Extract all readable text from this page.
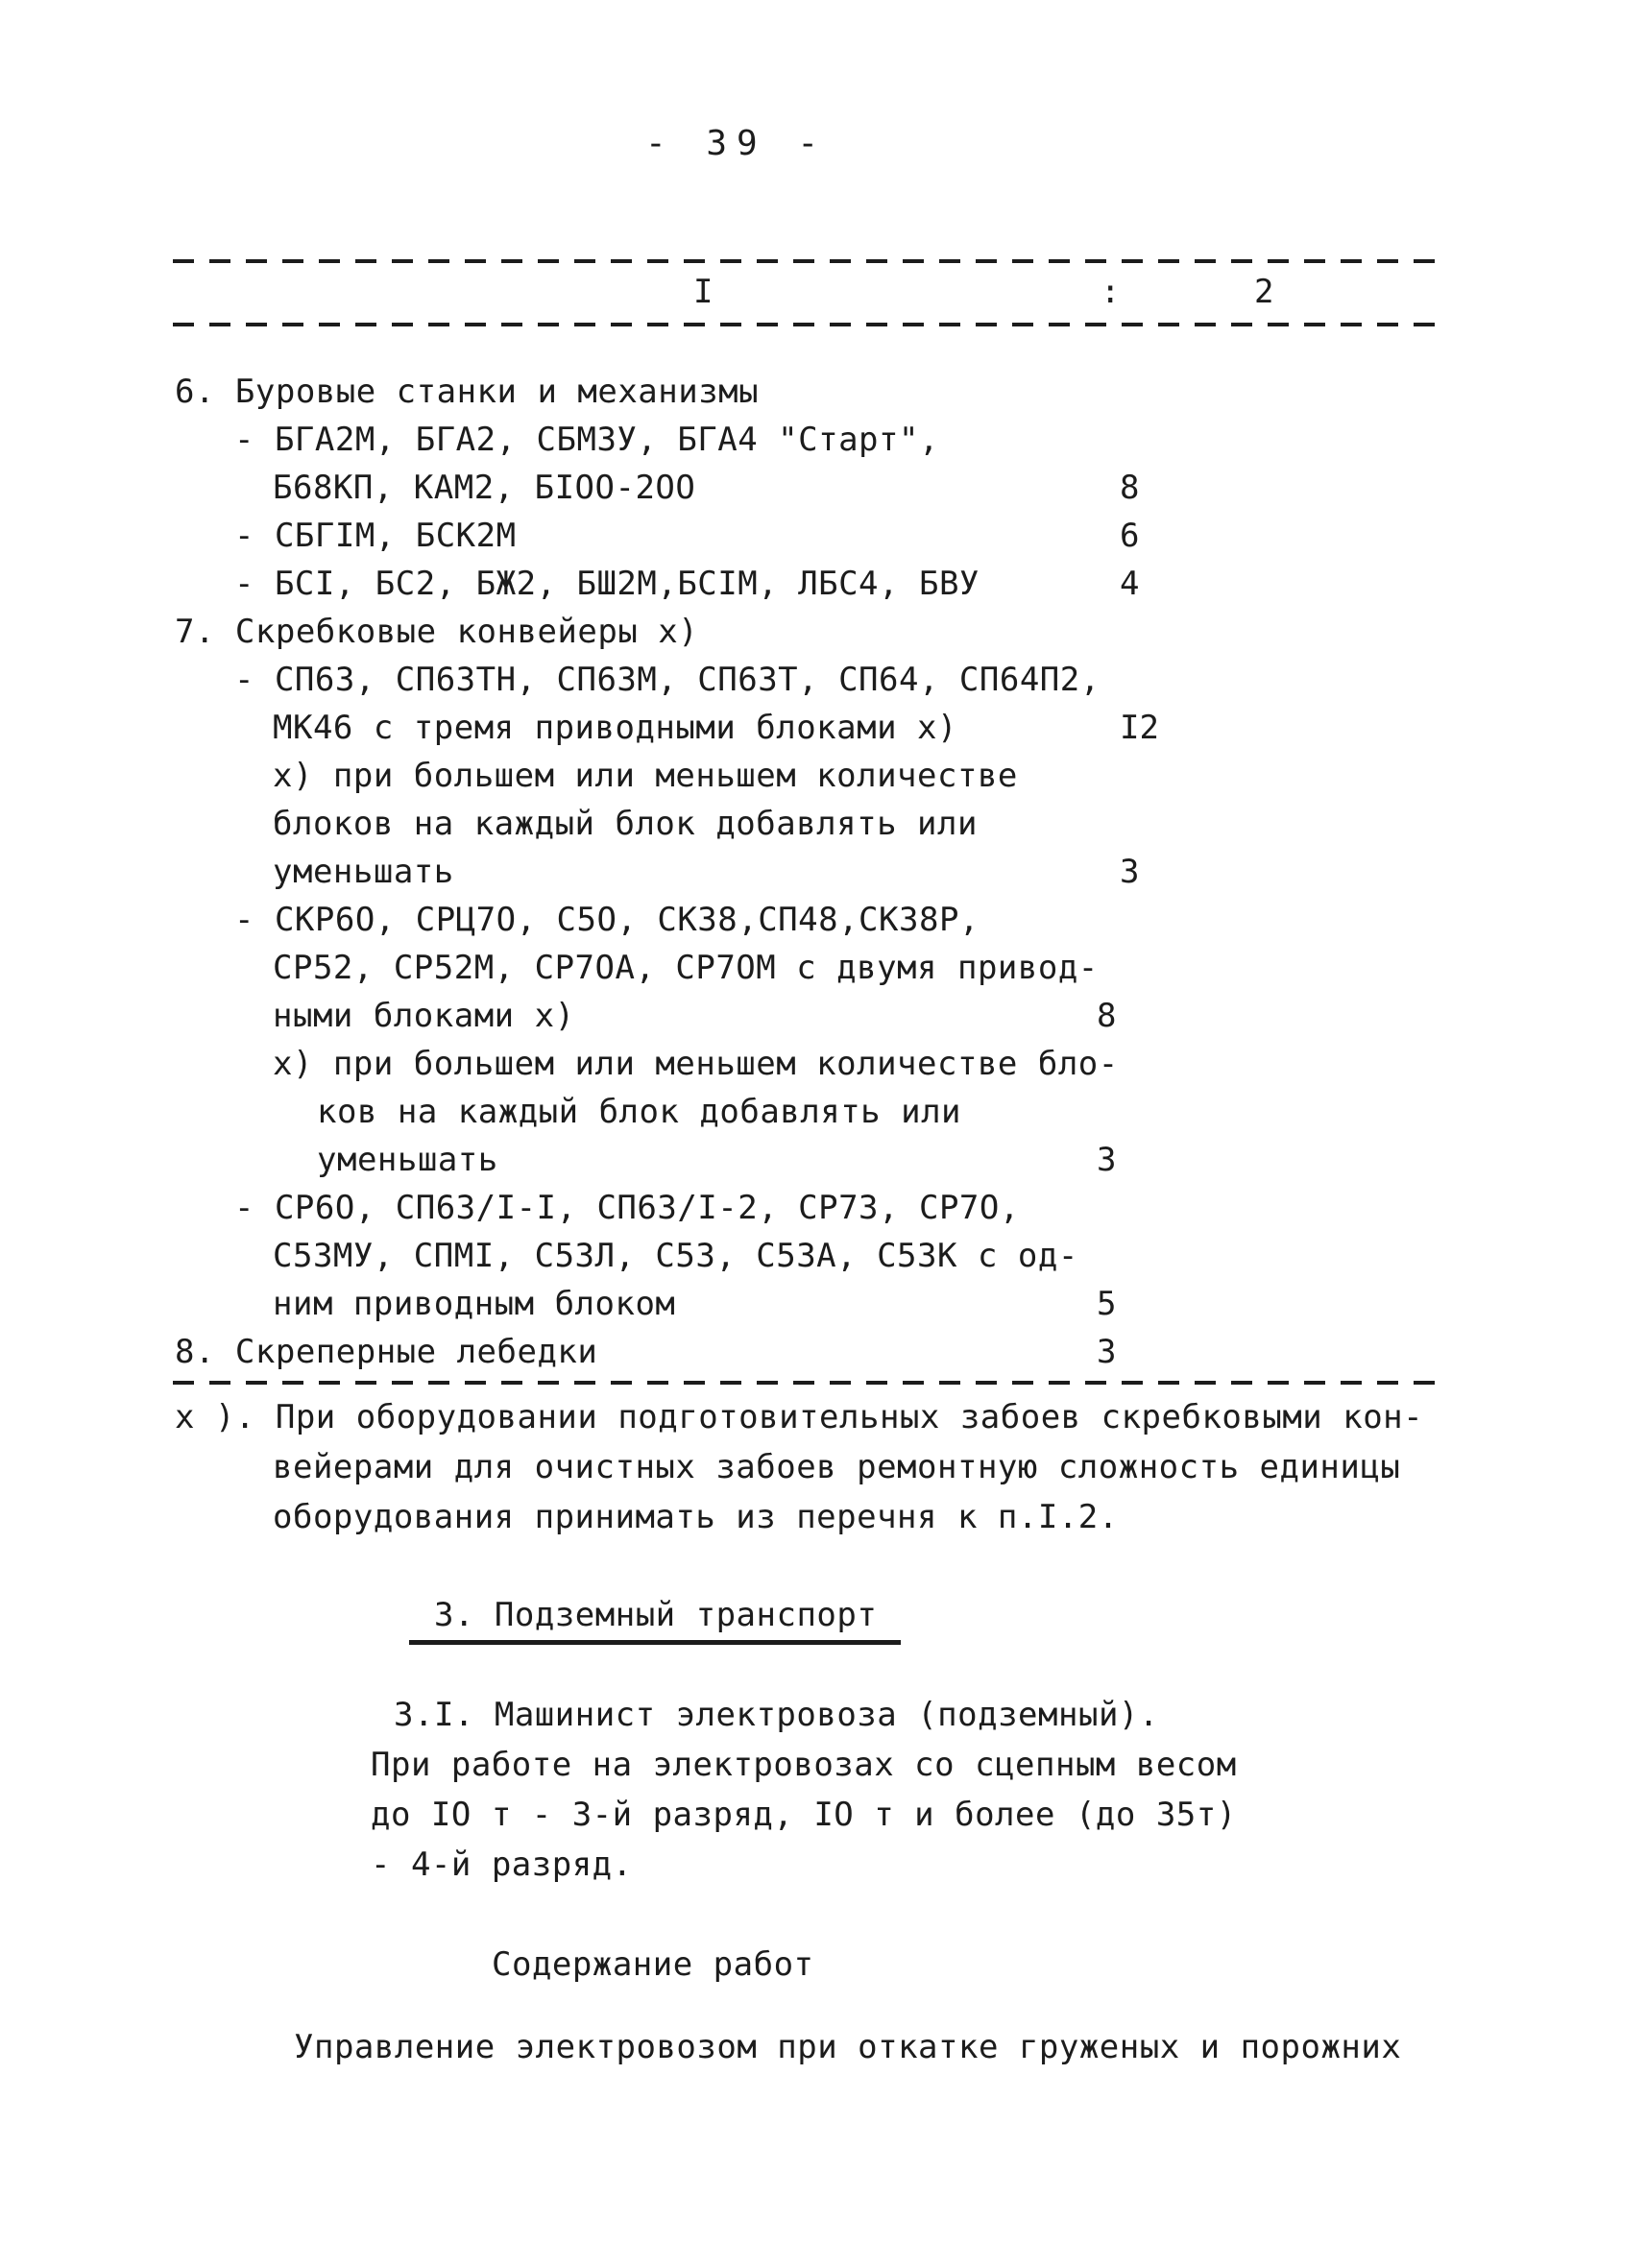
- 39 -
I	:	2
6. Буровые станки и механизмы
- БГА2М, БГА2, СБМЗУ, БГА4 "Старт",
Б68КП, КАМ2, БІОО-2ОО	8
- СБГІМ, БСК2М	6
- БСІ, БС2, БЖ2, БШ2М,БСІМ, ЛБС4, БВУ	4
7. Скребковые конвейеры х)
- СП63, СП63ТН, СП63М, СП63Т, СП64, СП64П2,
МК46 с тремя приводными блоками х)	I2
х) при большем или меньшем количестве
блоков на каждый блок добавлять или
уменьшать	3
- СКР6О, СРЦ7О, С5О, СК38,СП48,СК38Р,
СР52, СР52М, СР7ОА, СР7ОМ с двумя привод-
ными блоками х)	8
х) при большем или меньшем количестве бло-
ков на каждый блок добавлять или
уменьшать	3
- СР6О, СП63/І-І, СП63/І-2, СР73, СР7О,
С53МУ, СПМІ, С53Л, С53, С53А, С53К с од-
ним приводным блоком	5
8. Скреперные лебедки	3
х ). При оборудовании подготовительных забоев скребковыми кон-
вейерами для очистных забоев ремонтную сложность единицы
оборудования принимать из перечня к п.І.2.
3. Подземный транспорт
3.І. Машинист электровоза (подземный).
При работе на электровозах со сцепным весом
до ІО т - 3-й разряд, ІО т и более (до 35т)
- 4-й разряд.
Содержание работ
Управление электровозом при откатке груженых и порожних
